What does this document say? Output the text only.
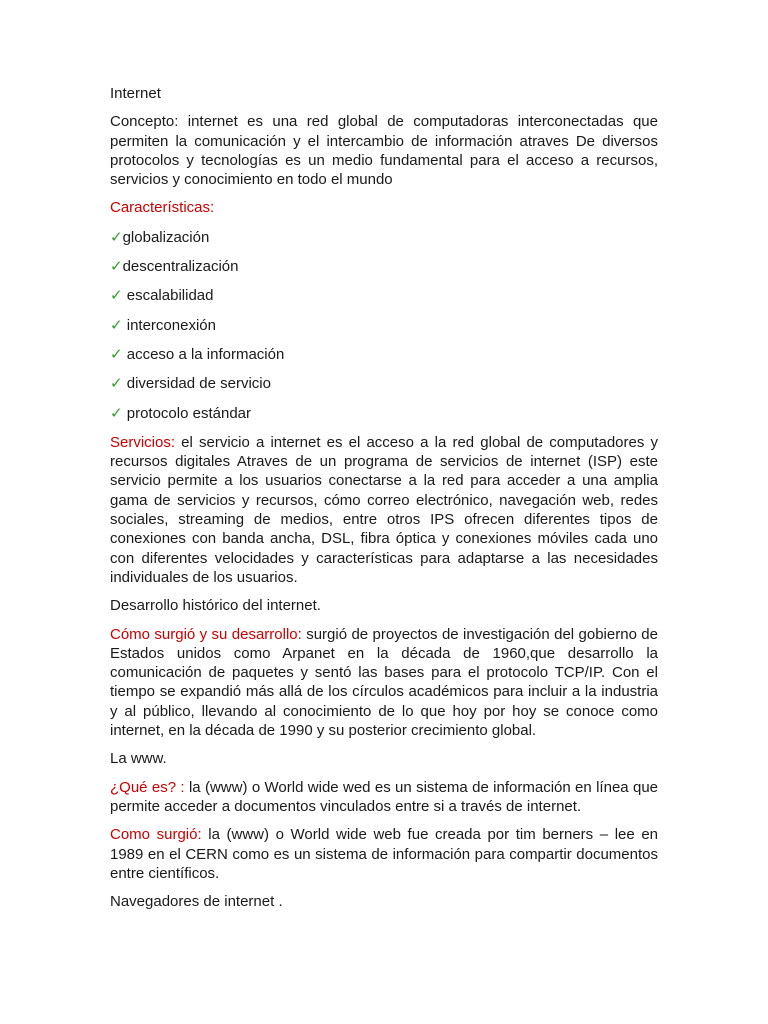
Internet

Concepto: internet es una red global de computadoras interconectadas que permiten la comunicación y el intercambio de información atraves De diversos protocolos y tecnologías es un medio fundamental para el acceso a recursos, servicios y conocimiento en todo el mundo

Características:

✓globalización

✓descentralización

✓ escalabilidad

✓ interconexión

✓ acceso a la información

✓ diversidad de servicio

✓ protocolo estándar

Servicios: el servicio a internet es el acceso a la red global de computadores y recursos digitales Atraves de un programa de servicios de internet (ISP) este servicio permite a los usuarios conectarse a la red para acceder a una amplia gama de servicios y recursos, cómo correo electrónico, navegación web, redes sociales, streaming de medios, entre otros IPS ofrecen diferentes tipos de conexiones con banda ancha, DSL, fibra óptica y conexiones móviles cada uno con diferentes velocidades y características para adaptarse a las necesidades individuales de los usuarios.

Desarrollo histórico del internet.

Cómo surgió y su desarrollo: surgió de proyectos de investigación del gobierno de Estados unidos como Arpanet en la década de 1960,que desarrollo la comunicación de paquetes y sentó las bases para el protocolo TCP/IP. Con el tiempo se expandió más allá de los círculos académicos para incluir a la industria y al público, llevando al conocimiento de lo que hoy por hoy se conoce como internet, en la década de 1990 y su posterior crecimiento global.

La www.

¿Qué es? : la (www) o World wide wed es un sistema de información en línea que permite acceder a documentos vinculados entre si a través de internet.

Como surgió: la (www) o World wide web fue creada por tim berners – lee en 1989 en el CERN como es un sistema de información para compartir documentos entre científicos.

Navegadores de internet .
